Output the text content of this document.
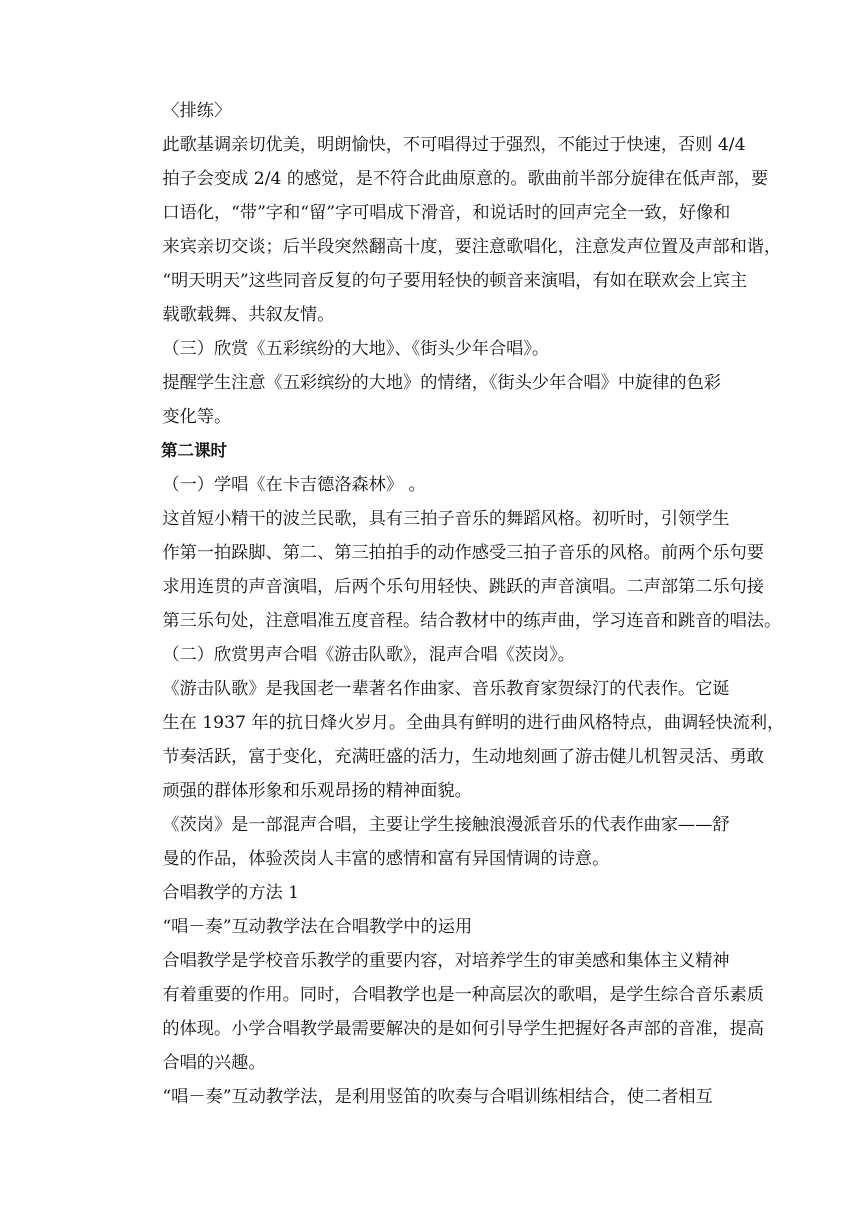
〈排练〉

此歌基调亲切优美，明朗愉快，不可唱得过于强烈，不能过于快速，否则 4/4
拍子会变成 2/4 的感觉，是不符合此曲原意的。歌曲前半部分旋律在低声部，要
口语化，“带”字和“留”字可唱成下滑音，和说话时的回声完全一致，好像和
来宾亲切交谈；后半段突然翻高十度，要注意歌唱化，注意发声位置及声部和谐，
“明天明天”这些同音反复的句子要用轻快的顿音来演唱，有如在联欢会上宾主
载歌载舞、共叙友情。

（三）欣赏《五彩缤纷的大地》、《街头少年合唱》。

提醒学生注意《五彩缤纷的大地》的情绪，《街头少年合唱》中旋律的色彩
变化等。

第二课时

（一）学唱《在卡吉德洛森林》 。

这首短小精干的波兰民歌，具有三拍子音乐的舞蹈风格。初听时，引领学生
作第一拍跺脚、第二、第三拍拍手的动作感受三拍子音乐的风格。前两个乐句要
求用连贯的声音演唱，后两个乐句用轻快、跳跃的声音演唱。二声部第二乐句接
第三乐句处，注意唱准五度音程。结合教材中的练声曲，学习连音和跳音的唱法。

（二）欣赏男声合唱《游击队歌》，混声合唱《茨岗》。

《游击队歌》是我国老一辈著名作曲家、音乐教育家贺绿汀的代表作。它诞
生在 1937 年的抗日烽火岁月。全曲具有鲜明的进行曲风格特点，曲调轻快流利，
节奏活跃，富于变化，充满旺盛的活力，生动地刻画了游击健儿机智灵活、勇敢
顽强的群体形象和乐观昂扬的精神面貌。

《茨岗》是一部混声合唱，主要让学生接触浪漫派音乐的代表作曲家——舒
曼的作品，体验茨岗人丰富的感情和富有异国情调的诗意。

合唱教学的方法 1

“唱－奏”互动教学法在合唱教学中的运用

合唱教学是学校音乐教学的重要内容，对培养学生的审美感和集体主义精神
有着重要的作用。同时，合唱教学也是一种高层次的歌唱，是学生综合音乐素质
的体现。小学合唱教学最需要解决的是如何引导学生把握好各声部的音准，提高
合唱的兴趣。

“唱－奏”互动教学法，是利用竖笛的吹奏与合唱训练相结合，使二者相互
